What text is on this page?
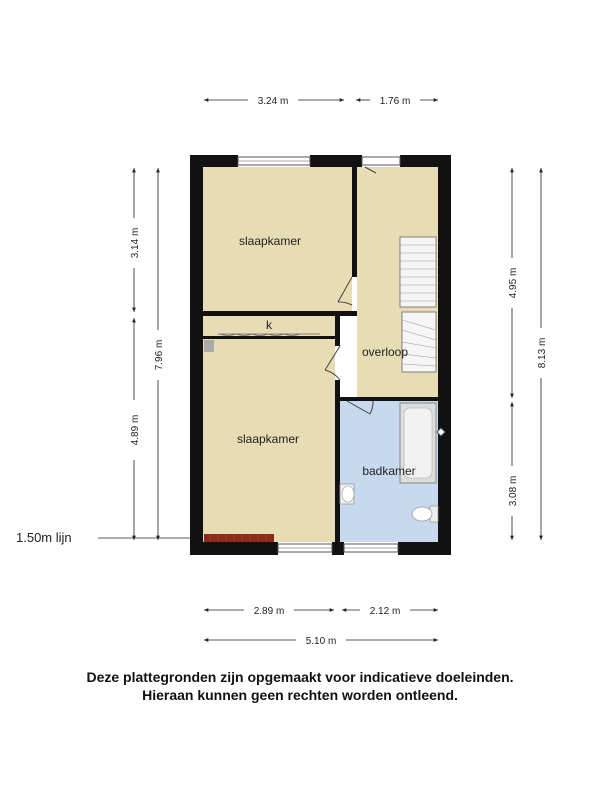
slaapkamer
k
overloop
slaapkamer
badkamer
3.24 m	1.76 m
2.89 m	2.12 m
5.10 m
3.14 m
4.89 m
7.96 m
4.95 m
3.08 m
8.13 m
1.50m lijn
Deze plattegronden zijn opgemaakt voor indicatieve doeleinden.
Hieraan kunnen geen rechten worden ontleend.
